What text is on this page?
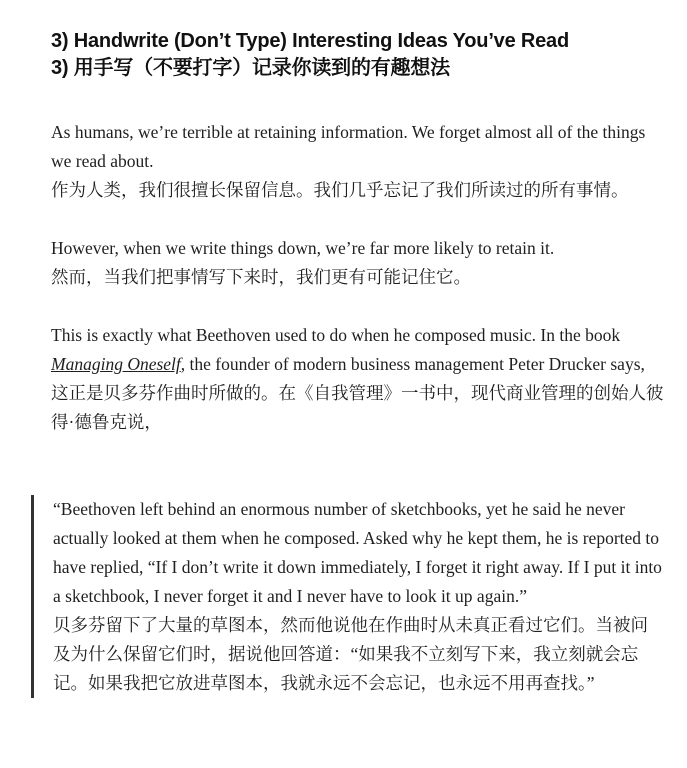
3) Handwrite (Don’t Type) Interesting Ideas You’ve Read
3) 用手写（不要打字）记录你读到的有趣想法

As humans, we’re terrible at retaining information. We forget almost all of the things we read about.

作为人类，我们很擅长保留信息。我们几乎忘记了我们所读过的所有事情。

However, when we write things down, we’re far more likely to retain it.

然而，当我们把事情写下来时，我们更有可能记住它。

This is exactly what Beethoven used to do when he composed music. In the book Managing Oneself, the founder of modern business management Peter Drucker says,

这正是贝多芬作曲时所做的。在《自我管理》一书中，现代商业管理的创始人彼得·德鲁克说，

“Beethoven left behind an enormous number of sketchbooks, yet he said he never actually looked at them when he composed. Asked why he kept them, he is reported to have replied, “If I don’t write it down immediately, I forget it right away. If I put it into a sketchbook, I never forget it and I never have to look it up again.”

贝多芬留下了大量的草图本，然而他说他在作曲时从未真正看过它们。当被问及为什么保留它们时，据说他回答道：“如果我不立刻写下来，我立刻就会忘记。如果我把它放进草图本，我就永远不会忘记，也永远不用再查找。”
